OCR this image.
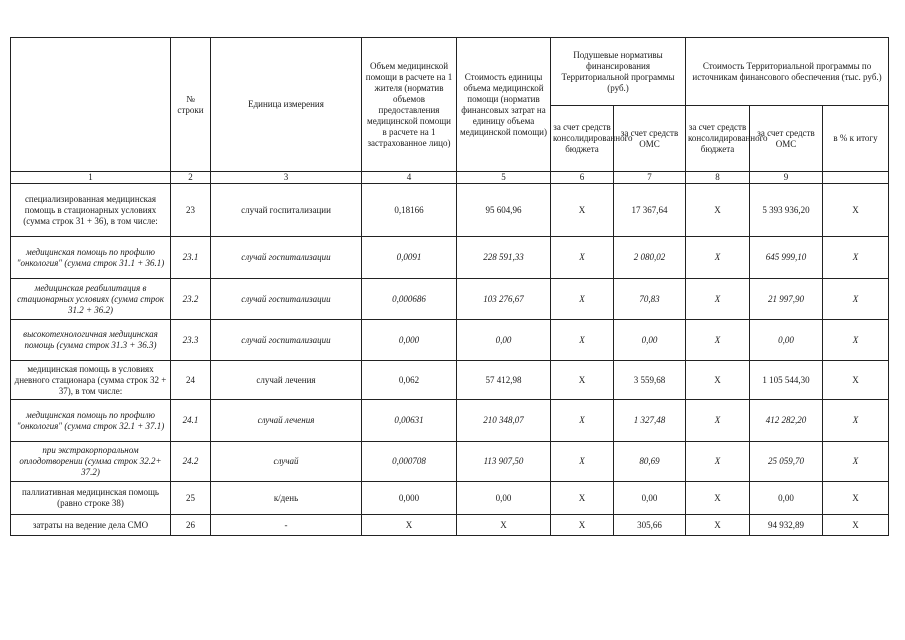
	№ строки	Единица измерения	Объем медицинской помощи в расчете на 1 жителя (норматив объемов предоставления медицинской помощи в расчете на 1 застрахованное лицо)	Стоимость единицы объема медицинской помощи (норматив финансовых затрат на единицу объема медицинской помощи)	Подушевые нормативы финансирования Территориальной программы (руб.)		Стоимость Территориальной программы по источникам финансового обеспечения (тыс. руб.)		
					за счет средств консолидированного бюджета	за счет средств ОМС	за счет средств консолидированного бюджета	за счет средств ОМС	в % к итогу
1	2	3	4	5	6	7	8	9	
специализированная медицинская помощь в стационарных условиях (сумма строк 31 + 36), в том числе:	23	случай госпитализации	0,18166	95 604,96	X	17 367,64	X	5 393 936,20	X
медицинская помощь по профилю "онкология" (сумма строк 31.1 + 36.1)	23.1	случай госпитализации	0,0091	228 591,33	X	2 080,02	X	645 999,10	X
медицинская реабилитация в стационарных условиях (сумма строк 31.2 + 36.2)	23.2	случай госпитализации	0,000686	103 276,67	X	70,83	X	21 997,90	X
высокотехнологичная медицинская помощь (сумма строк 31.3 + 36.3)	23.3	случай госпитализации	0,000	0,00	X	0,00	X	0,00	X
медицинская помощь в условиях дневного стационара (сумма строк 32 + 37), в том числе:	24	случай лечения	0,062	57 412,98	X	3 559,68	X	1 105 544,30	X
медицинская помощь по профилю "онкология" (сумма строк 32.1 + 37.1)	24.1	случай лечения	0,00631	210 348,07	X	1 327,48	X	412 282,20	X
при экстракорпоральном оплодотворении (сумма строк 32.2+ 37.2)	24.2	случай	0,000708	113 907,50	X	80,69	X	25 059,70	X
паллиативная медицинская помощь (равно строке 38)	25	к/день	0,000	0,00	X	0,00	X	0,00	X
затраты на ведение дела СМО	26	-	X	X	X	305,66	X	94 932,89	X
